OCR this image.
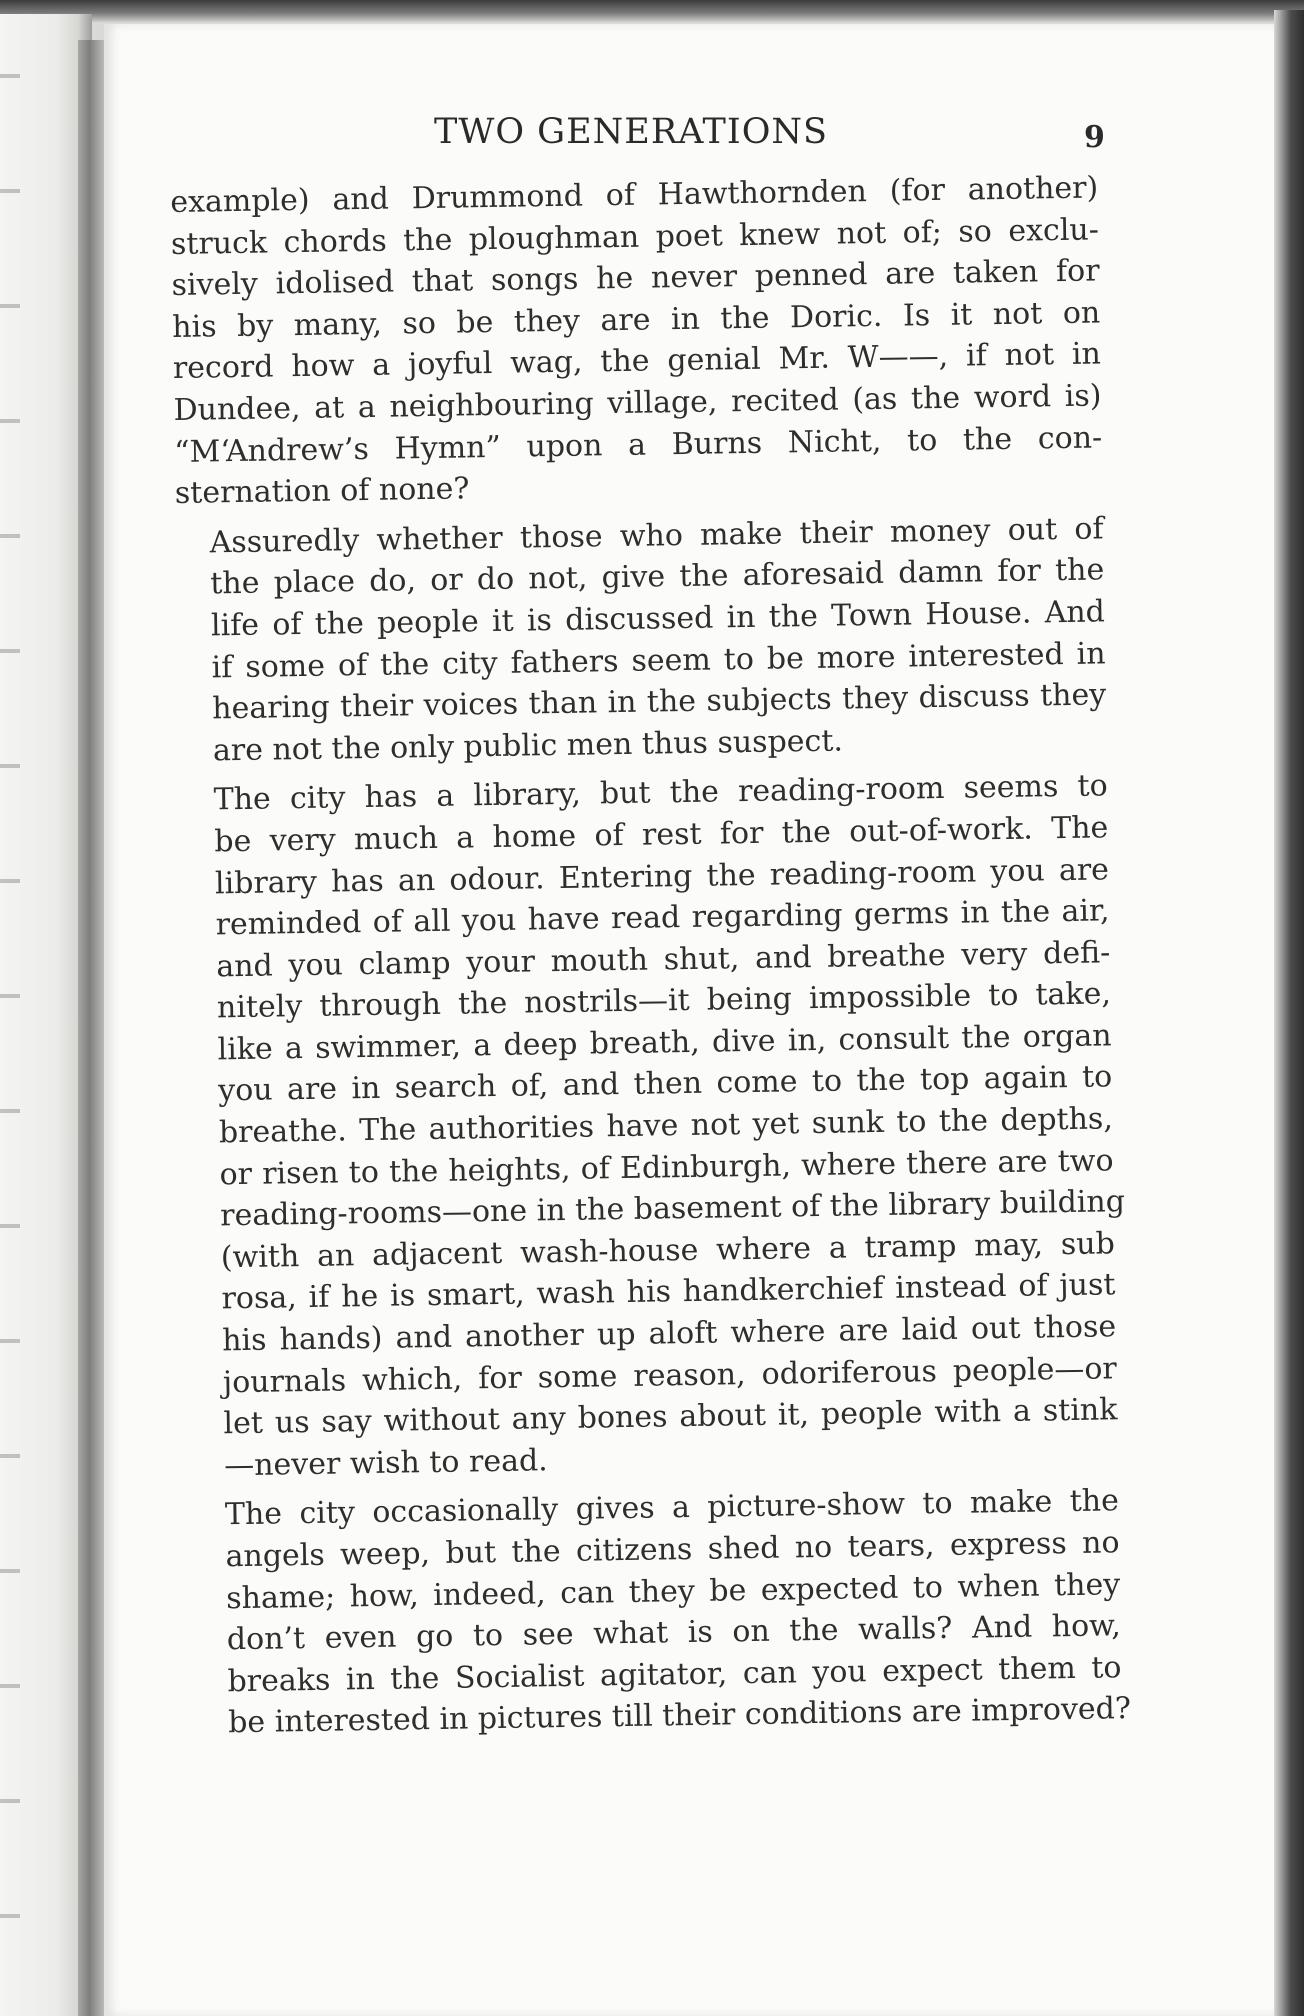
TWO GENERATIONS	9

example) and Drummond of Hawthornden (for another)
struck chords the ploughman poet knew not of; so exclu-
sively idolised that songs he never penned are taken for
his by many, so be they are in the Doric. Is it not on
record how a joyful wag, the genial Mr. W——, if not in
Dundee, at a neighbouring village, recited (as the word is)
“M‘Andrew’s Hymn” upon a Burns Nicht, to the con-
sternation of none?

Assuredly whether those who make their money out of
the place do, or do not, give the aforesaid damn for the
life of the people it is discussed in the Town House. And
if some of the city fathers seem to be more interested in
hearing their voices than in the subjects they discuss they
are not the only public men thus suspect.

The city has a library, but the reading-room seems to
be very much a home of rest for the out-of-work. The
library has an odour. Entering the reading-room you are
reminded of all you have read regarding germs in the air,
and you clamp your mouth shut, and breathe very defi-
nitely through the nostrils—it being impossible to take,
like a swimmer, a deep breath, dive in, consult the organ
you are in search of, and then come to the top again to
breathe. The authorities have not yet sunk to the depths,
or risen to the heights, of Edinburgh, where there are two
reading-rooms—one in the basement of the library building
(with an adjacent wash-house where a tramp may, sub
rosa, if he is smart, wash his handkerchief instead of just
his hands) and another up aloft where are laid out those
journals which, for some reason, odoriferous people—or
let us say without any bones about it, people with a stink
—never wish to read.

The city occasionally gives a picture-show to make the
angels weep, but the citizens shed no tears, express no
shame; how, indeed, can they be expected to when they
don’t even go to see what is on the walls? And how,
breaks in the Socialist agitator, can you expect them to
be interested in pictures till their conditions are improved?
